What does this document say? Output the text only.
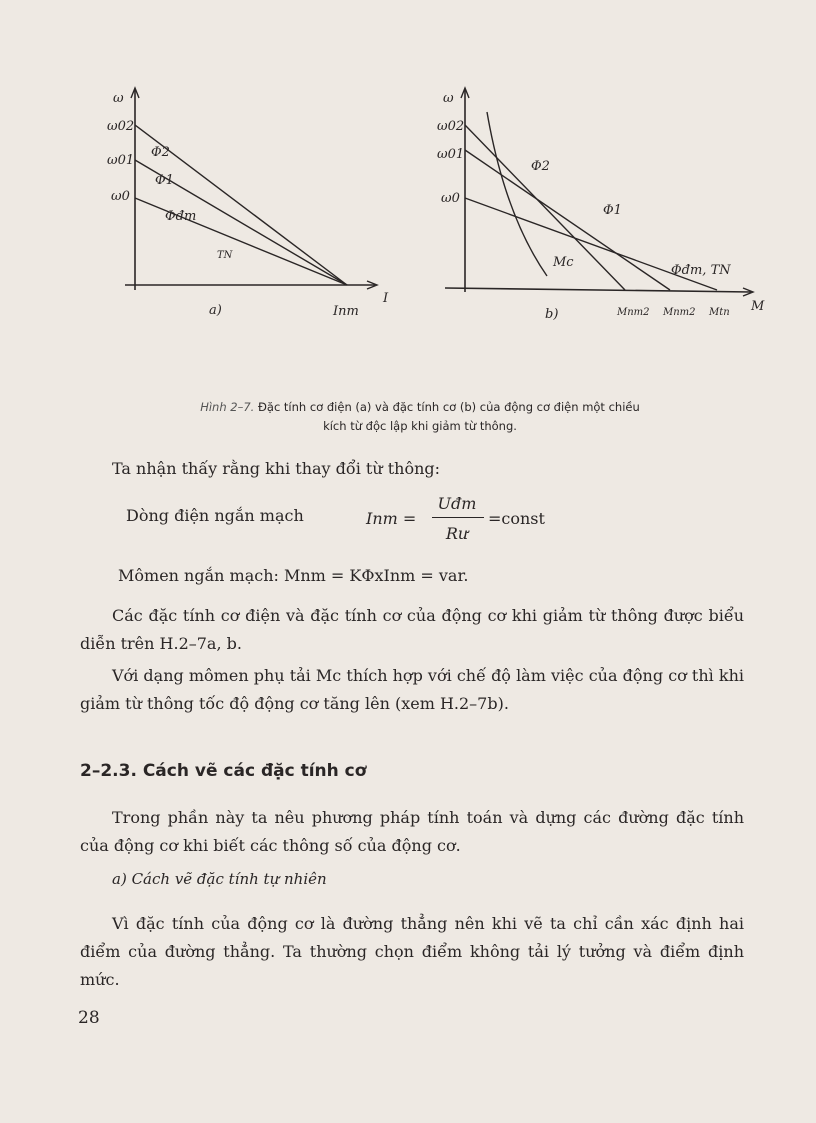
ω
ω02
ω01
ω0
Φ2
Φ1
Φđm
TN
Inm
I
a)
ω
ω02
ω01
ω0
Φ2
Φ1
Φđm, TN
Mc
Mnm2 Mnm2 Mtn M
b)
Hình 2–7. Đặc tính cơ điện (a) và đặc tính cơ (b) của động cơ điện một chiều
kích từ độc lập khi giảm từ thông.

Ta nhận thấy rằng khi thay đổi từ thông:

Dòng điện ngắn mạch	Inm =
Uđm
Rư
=const
Mômen ngắn mạch: Mnm = KΦxInm = var.

Các đặc tính cơ điện và đặc tính cơ của động cơ khi giảm từ thông được biểu diễn trên H.2–7a, b.

Với dạng mômen phụ tải Mc thích hợp với chế độ làm việc của động cơ thì khi giảm từ thông tốc độ động cơ tăng lên (xem H.2–7b).

2–2.3. Cách vẽ các đặc tính cơ

Trong phần này ta nêu phương pháp tính toán và dựng các đường đặc tính của động cơ khi biết các thông số của động cơ.

a) Cách vẽ đặc tính tự nhiên

Vì đặc tính của động cơ là đường thẳng nên khi vẽ ta chỉ cần xác định hai điểm của đường thẳng. Ta thường chọn điểm không tải lý tưởng và điểm định mức.

28
